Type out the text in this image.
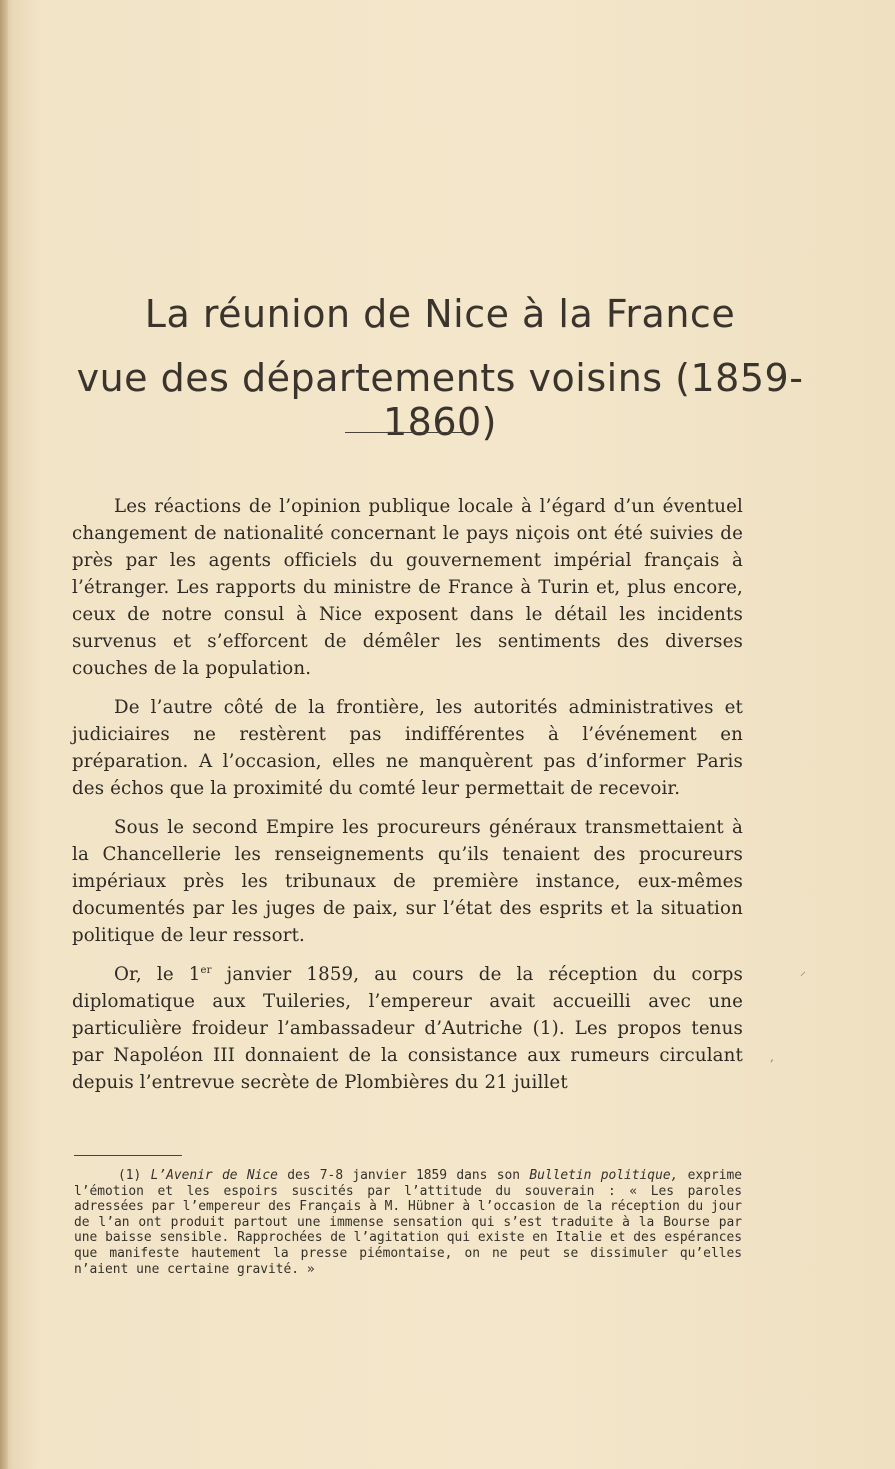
La réunion de Nice à la France
vue des départements voisins (1859-1860)

Les réactions de l’opinion publique locale à l’égard d’un éventuel changement de nationalité concernant le pays niçois ont été suivies de près par les agents officiels du gouvernement impérial français à l’étranger. Les rapports du ministre de France à Turin et, plus encore, ceux de notre consul à Nice exposent dans le détail les incidents survenus et s’efforcent de démêler les sentiments des diverses couches de la population.

De l’autre côté de la frontière, les autorités administratives et judiciaires ne restèrent pas indifférentes à l’événement en préparation. A l’occasion, elles ne manquèrent pas d’informer Paris des échos que la proximité du comté leur permettait de recevoir.

Sous le second Empire les procureurs généraux transmettaient à la Chancellerie les renseignements qu’ils tenaient des procureurs impériaux près les tribunaux de première instance, eux-mêmes documentés par les juges de paix, sur l’état des esprits et la situation politique de leur ressort.

Or, le 1er janvier 1859, au cours de la réception du corps diplomatique aux Tuileries, l’empereur avait accueilli avec une particulière froideur l’ambassadeur d’Autriche (1). Les propos tenus par Napoléon III donnaient de la consistance aux rumeurs circulant depuis l’entrevue secrète de Plombières du 21 juillet

(1) L’Avenir de Nice des 7-8 janvier 1859 dans son Bulletin politique, exprime l’émotion et les espoirs suscités par l’attitude du souverain : « Les paroles adressées par l’empereur des Français à M. Hübner à l’occasion de la réception du jour de l’an ont produit partout une immense sensation qui s’est traduite à la Bourse par une baisse sensible. Rapprochées de l’agitation qui existe en Italie et des espérances que manifeste hautement la presse piémontaise, on ne peut se dissimuler qu’elles n’aient une certaine gravité. »

⸝
,
